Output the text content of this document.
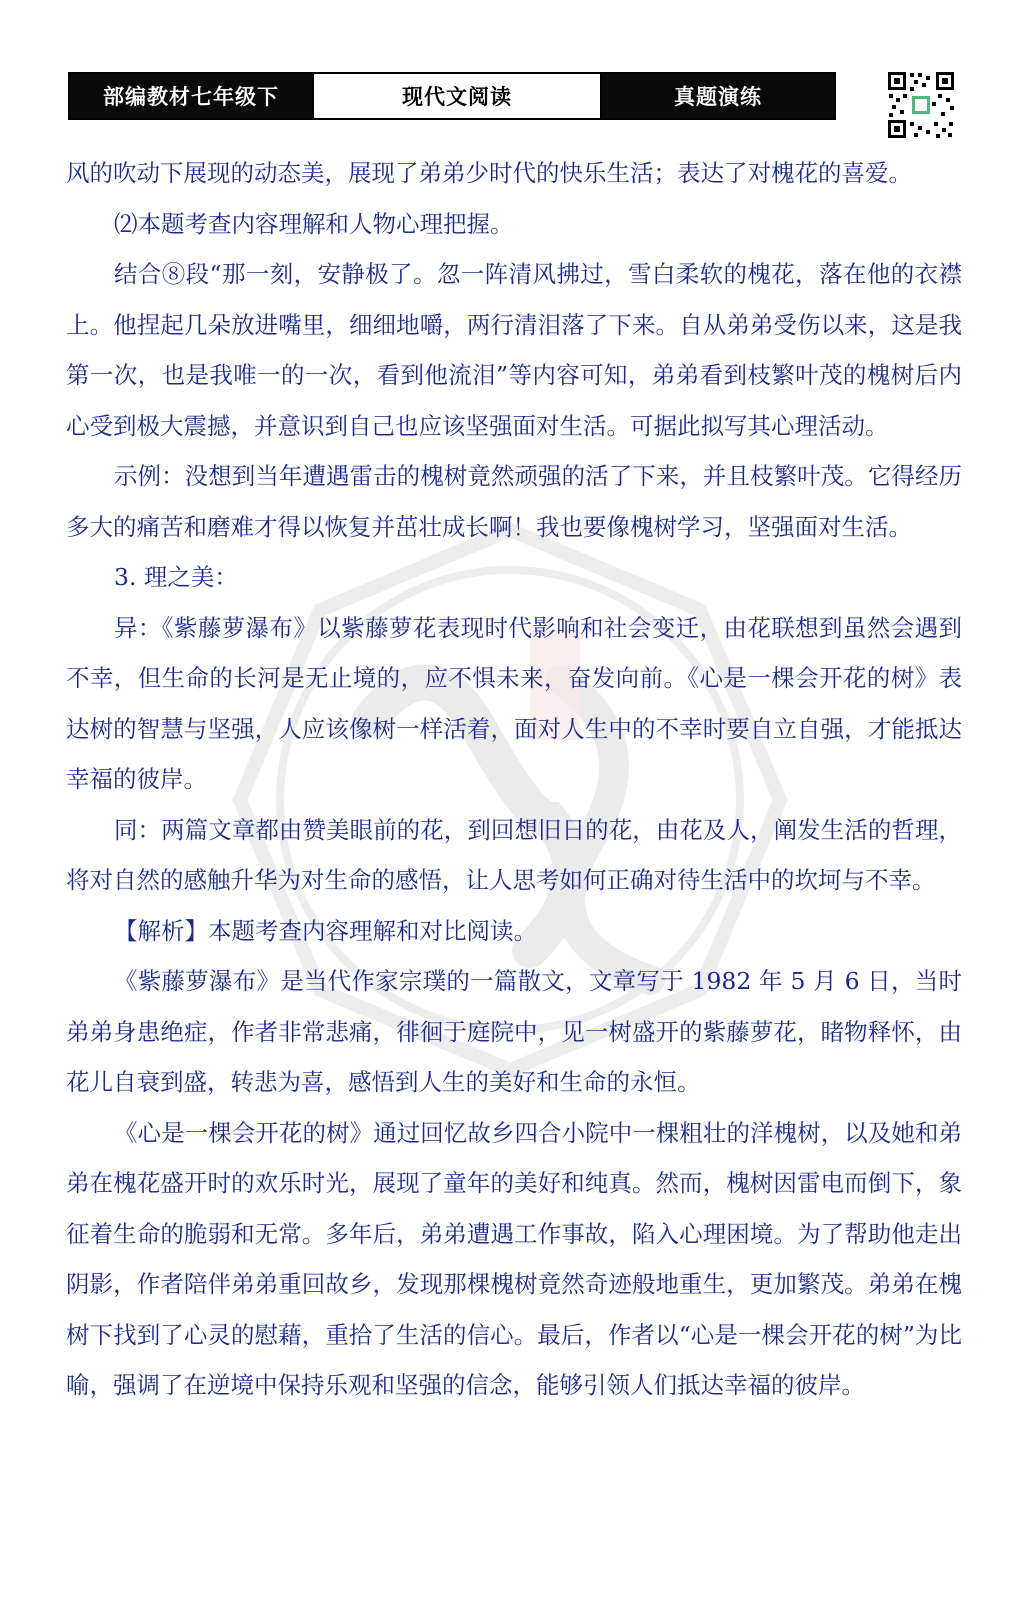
部编教材七年级下	现代文阅读	真题演练

风的吹动下展现的动态美，展现了弟弟少时代的快乐生活；表达了对槐花的喜爱。

⑵本题考查内容理解和人物心理把握。

结合⑧段“那一刻，安静极了。忽一阵清风拂过，雪白柔软的槐花，落在他的衣襟上。他捏起几朵放进嘴里，细细地嚼，两行清泪落了下来。自从弟弟受伤以来，这是我第一次，也是我唯一的一次，看到他流泪”等内容可知，弟弟看到枝繁叶茂的槐树后内心受到极大震撼，并意识到自己也应该坚强面对生活。可据此拟写其心理活动。

示例：没想到当年遭遇雷击的槐树竟然顽强的活了下来，并且枝繁叶茂。它得经历多大的痛苦和磨难才得以恢复并茁壮成长啊！我也要像槐树学习，坚强面对生活。

3. 理之美：

异：《紫藤萝瀑布》以紫藤萝花表现时代影响和社会变迁，由花联想到虽然会遇到不幸，但生命的长河是无止境的，应不惧未来，奋发向前。《心是一棵会开花的树》表达树的智慧与坚强，人应该像树一样活着，面对人生中的不幸时要自立自强，才能抵达幸福的彼岸。

同：两篇文章都由赞美眼前的花，到回想旧日的花，由花及人，阐发生活的哲理，将对自然的感触升华为对生命的感悟，让人思考如何正确对待生活中的坎坷与不幸。

【解析】本题考查内容理解和对比阅读。

《紫藤萝瀑布》是当代作家宗璞的一篇散文，文章写于 1982 年 5 月 6 日，当时弟弟身患绝症，作者非常悲痛，徘徊于庭院中，见一树盛开的紫藤萝花，睹物释怀，由花儿自衰到盛，转悲为喜，感悟到人生的美好和生命的永恒。

《心是一棵会开花的树》通过回忆故乡四合小院中一棵粗壮的洋槐树，以及她和弟弟在槐花盛开时的欢乐时光，展现了童年的美好和纯真。然而，槐树因雷电而倒下，象征着生命的脆弱和无常。多年后，弟弟遭遇工作事故，陷入心理困境。为了帮助他走出阴影，作者陪伴弟弟重回故乡，发现那棵槐树竟然奇迹般地重生，更加繁茂。弟弟在槐树下找到了心灵的慰藉，重拾了生活的信心。最后，作者以“心是一棵会开花的树”为比喻，强调了在逆境中保持乐观和坚强的信念，能够引领人们抵达幸福的彼岸。
